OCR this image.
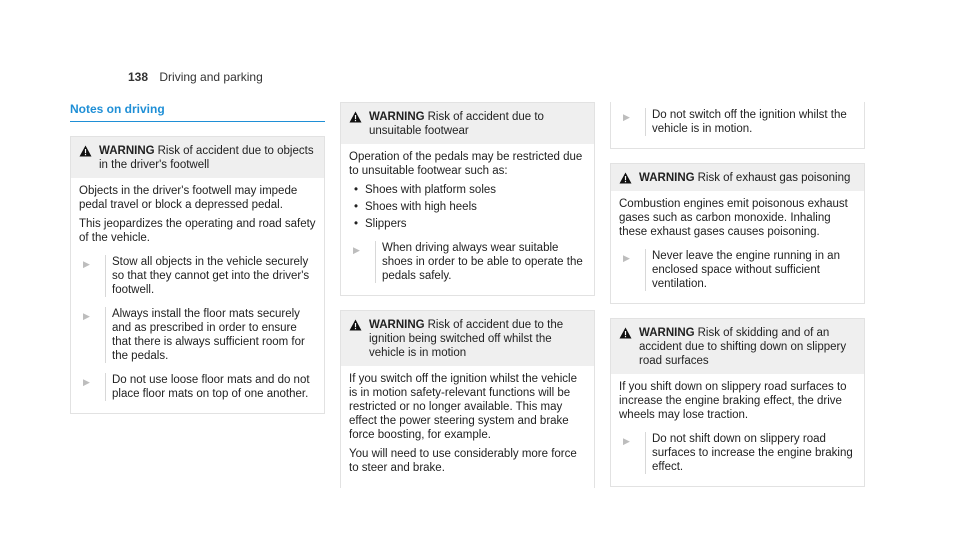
138 Driving and parking
Notes on driving
WARNING Risk of accident due to objects in the driver's footwell

Objects in the driver's footwell may impede pedal travel or block a depressed pedal.

This jeopardizes the operating and road safety of the vehicle.

▶	Stow all objects in the vehicle securely so that they cannot get into the driver's footwell.
▶	Always install the floor mats securely and as prescribed in order to ensure that there is always sufficient room for the pedals.
▶	Do not use loose floor mats and do not place floor mats on top of one another.
WARNING Risk of accident due to unsuitable footwear

Operation of the pedals may be restricted due to unsuitable footwear such as:

• Shoes with platform soles
• Shoes with high heels
• Slippers
▶	When driving always wear suitable shoes in order to be able to operate the pedals safely.
WARNING Risk of accident due to the ignition being switched off whilst the vehicle is in motion

If you switch off the ignition whilst the vehicle is in motion safety-relevant functions will be restricted or no longer available. This may effect the power steering system and brake force boosting, for example.

You will need to use considerably more force to steer and brake.

▶	Do not switch off the ignition whilst the vehicle is in motion.
WARNING Risk of exhaust gas poisoning

Combustion engines emit poisonous exhaust gases such as carbon monoxide. Inhaling these exhaust gases causes poisoning.

▶	Never leave the engine running in an enclosed space without sufficient ventilation.
WARNING Risk of skidding and of an accident due to shifting down on slippery road surfaces

If you shift down on slippery road surfaces to increase the engine braking effect, the drive wheels may lose traction.

▶	Do not shift down on slippery road surfaces to increase the engine braking effect.
